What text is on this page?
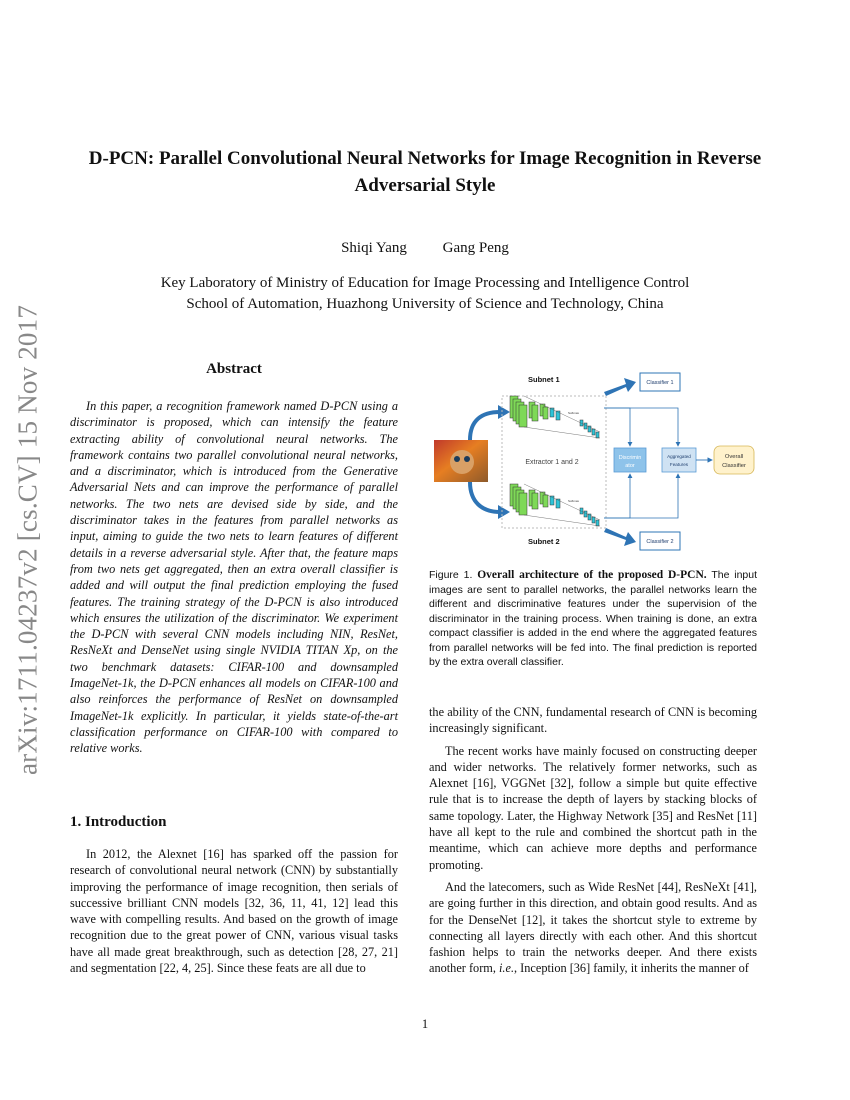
arXiv:1711.04237v2 [cs.CV] 15 Nov 2017
D-PCN: Parallel Convolutional Neural Networks for Image Recognition in Reverse Adversarial Style
Shiqi Yang Gang Peng
Key Laboratory of Ministry of Education for Image Processing and Intelligence Control
School of Automation, Huazhong University of Science and Technology, China
Abstract

In this paper, a recognition framework named D-PCN using a discriminator is proposed, which can intensify the feature extracting ability of convolutional neural networks. The framework contains two parallel convolutional neural networks, and a discriminator, which is introduced from the Generative Adversarial Nets and can improve the performance of parallel networks. The two nets are devised side by side, and the discriminator takes in the features from parallel networks as input, aiming to guide the two nets to learn features of different details in a reverse adversarial style. After that, the feature maps from two nets get aggregated, then an extra overall classifier is added and will output the final prediction employing the fused features. The training strategy of the D-PCN is also introduced which ensures the utilization of the discriminator. We experiment the D-PCN with several CNN models including NIN, ResNet, ResNeXt and DenseNet using single NVIDIA TITAN Xp, on the two benchmark datasets: CIFAR-100 and downsampled ImageNet-1k, the D-PCN enhances all models on CIFAR-100 and also reinforces the performance of ResNet on downsampled ImageNet-1k explicitly. In particular, it yields state-of-the-art classification performance on CIFAR-100 with compared to relative works.

1. Introduction

In 2012, the Alexnet [16] has sparked off the passion for research of convolutional neural network (CNN) by substantially improving the performance of image recognition, then serials of successive brilliant CNN models [32, 36, 11, 41, 12] lead this wave with compelling results. And based on the growth of image recognition due to the great power of CNN, various visual tasks have all made great breakthrough, such as detection [28, 27, 21] and segmentation [22, 4, 25]. Since these feats are all due to

Extractor 1 and 2
Softmax
Softmax
Subnet 1
Subnet 2
Classifier 1
Classifier 2
Discrimin
ator
Aggregated
Features
Overall
Classifier
Figure 1. Overall architecture of the proposed D-PCN. The input images are sent to parallel networks, the parallel networks learn the different and discriminative features under the supervision of the discriminator in the training process. When training is done, an extra compact classifier is added in the end where the aggregated features from parallel networks will be fed into. The final prediction is reported by the extra overall classifier.

the ability of the CNN, fundamental research of CNN is becoming increasingly significant.

The recent works have mainly focused on constructing deeper and wider networks. The relatively former networks, such as Alexnet [16], VGGNet [32], follow a simple but quite effective rule that is to increase the depth of layers by stacking blocks of same topology. Later, the Highway Network [35] and ResNet [11] have all kept to the rule and combined the shortcut path in the meantime, which can achieve more depths and performance promoting.

And the latecomers, such as Wide ResNet [44], ResNeXt [41], are going further in this direction, and obtain good results. And as for the DenseNet [12], it takes the shortcut style to extreme by connecting all layers directly with each other. And this shortcut fashion helps to train the networks deeper. And there exists another form, i.e., Inception [36] family, it inherits the manner of

1
